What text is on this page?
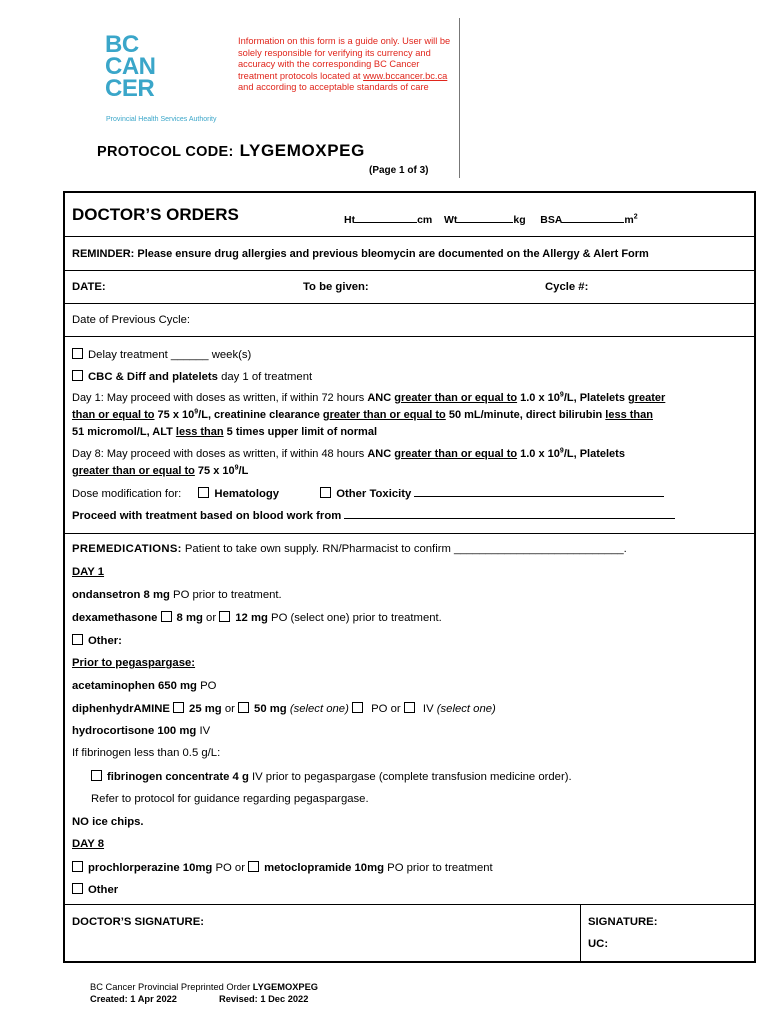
BC
CAN
CER
Provincial Health Services Authority
Information on this form is a guide only. User will be solely responsible for verifying its currency and accuracy with the corresponding BC Cancer treatment protocols located at www.bccancer.bc.ca and according to acceptable standards of care
PROTOCOL CODE: LYGEMOXPEG
(Page 1 of 3)
DOCTOR’S ORDERS	Ht	cm Wt	kg BSA	$m^2$
REMINDER: Please ensure drug allergies and previous bleomycin are documented on the Allergy & Alert Form
DATE:	To be given:	Cycle #:
Date of Previous Cycle:
Delay treatment ______ week(s)
CBC & Diff and platelets day 1 of treatment
Day 1: May proceed with doses as written, if within 72 hours ANC greater than or equal to 1.0 x $10^9/L$, Platelets greater
than or equal to 75 x $10^9/L$, creatinine clearance greater than or equal to 50 mL/minute, direct bilirubin less than
51 micromol/L, ALT less than 5 times upper limit of normal
Day 8: May proceed with doses as written, if within 48 hours ANC greater than or equal to 1.0 x $10^9/L$, Platelets
greater than or equal to 75 x $10^9/L$
Dose modification for:	Hematology	Other Toxicity
Proceed with treatment based on blood work from
PREMEDICATIONS: Patient to take own supply. RN/Pharmacist to confirm ___________________________.
DAY 1
ondansetron 8 mg PO prior to treatment.
dexamethasone 8 mg or 12 mg PO (select one) prior to treatment.
Other:
Prior to pegaspargase:
acetaminophen 650 mg PO
diphenhydrAMINE 25 mg or 50 mg (select one)  PO or  IV (select one)
hydrocortisone 100 mg IV
If fibrinogen less than 0.5 g/L:
fibrinogen concentrate 4 g IV prior to pegaspargase (complete transfusion medicine order).
Refer to protocol for guidance regarding pegaspargase.
NO ice chips.
DAY 8
prochlorperazine 10mg PO or metoclopramide 10mg PO prior to treatment
Other
DOCTOR’S SIGNATURE:	SIGNATURE:
UC:
BC Cancer Provincial Preprinted Order LYGEMOXPEG
Created: 1 Apr 2022	Revised: 1 Dec 2022
